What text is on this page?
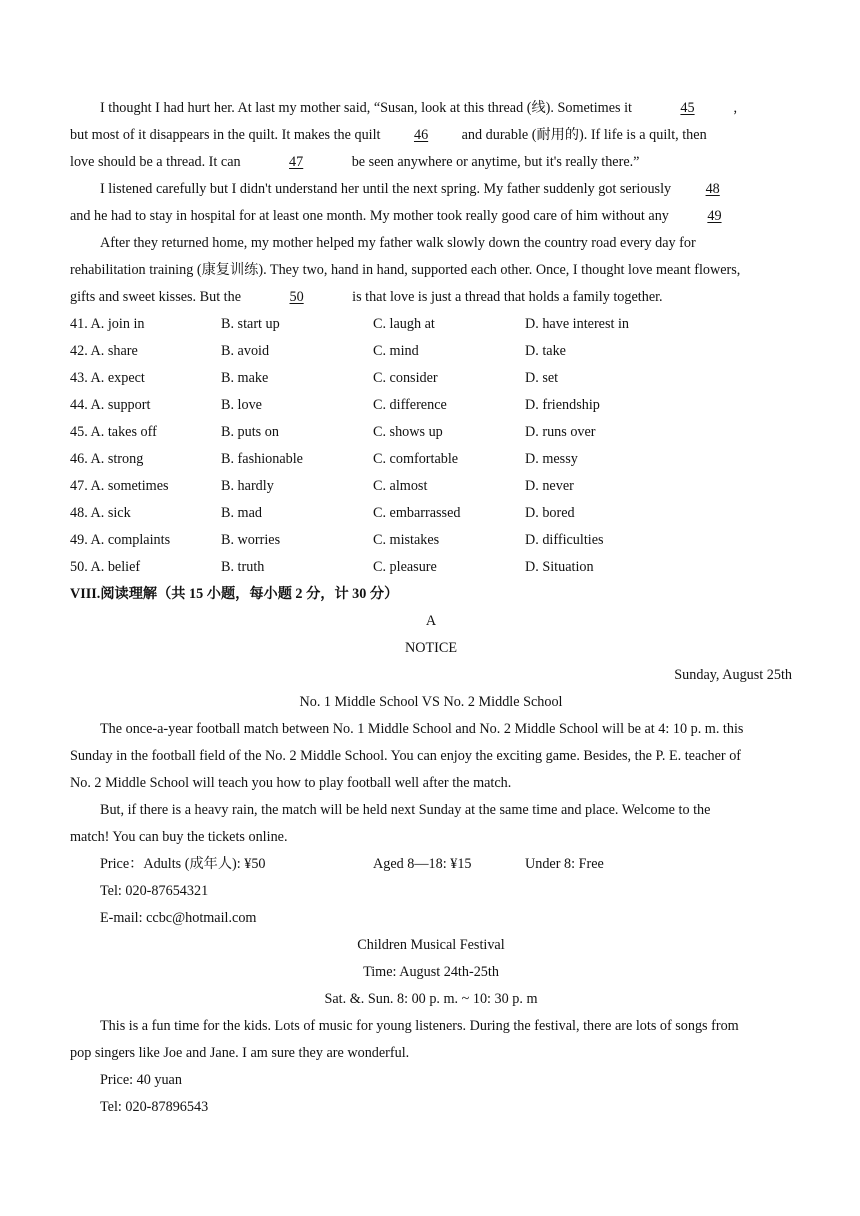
I thought I had hurt her. At last my mother said, “Susan, look at this thread (线). Sometimes it	45	,
but most of it disappears in the quilt. It makes the quilt 46 and durable (耐用的). If life is a quilt, then
love should be a thread. It can	47	be seen anywhere or anytime, but it's really there.”
I listened carefully but I didn't understand her until the next spring. My father suddenly got seriously 48
and he had to stay in hospital for at least one month. My mother took really good care of him without any	49
After they returned home, my mother helped my father walk slowly down the country road every day for
rehabilitation training (康复训练). They two, hand in hand, supported each other. Once, I thought love meant flowers,
gifts and sweet kisses. But the	50	is that love is just a thread that holds a family together.
41. A. join in	B. start up	C. laugh at	D. have interest in
42. A. share	B. avoid	C. mind	D. take
43. A. expect	B. make	C. consider	D. set
44. A. support	B. love	C. difference	D. friendship
45. A. takes off	B. puts on	C. shows up	D. runs over
46. A. strong	B. fashionable	C. comfortable	D. messy
47. A. sometimes	B. hardly	C. almost	D. never
48. A. sick	B. mad	C. embarrassed	D. bored
49. A. complaints	B. worries	C. mistakes	D. difficulties
50. A. belief	B. truth	C. pleasure	D. Situation
VIII.阅读理解（共 15 小题，每小题 2 分，计 30 分）
A
NOTICE
Sunday, August 25th
No. 1 Middle School VS No. 2 Middle School
The once-a-year football match between No. 1 Middle School and No. 2 Middle School will be at 4: 10 p. m. this
Sunday in the football field of the No. 2 Middle School. You can enjoy the exciting game. Besides, the P. E. teacher of
No. 2 Middle School will teach you how to play football well after the match.
But, if there is a heavy rain, the match will be held next Sunday at the same time and place. Welcome to the
match! You can buy the tickets online.
Price：Adults (成年人): ¥50	Aged 8—18: ¥15	Under 8: Free
Tel: 020-87654321
E-mail: ccbc@hotmail.com
Children Musical Festival
Time: August 24th-25th
Sat. &. Sun. 8: 00 p. m. ~ 10: 30 p. m
This is a fun time for the kids. Lots of music for young listeners. During the festival, there are lots of songs from
pop singers like Joe and Jane. I am sure they are wonderful.
Price: 40 yuan
Tel: 020-87896543
